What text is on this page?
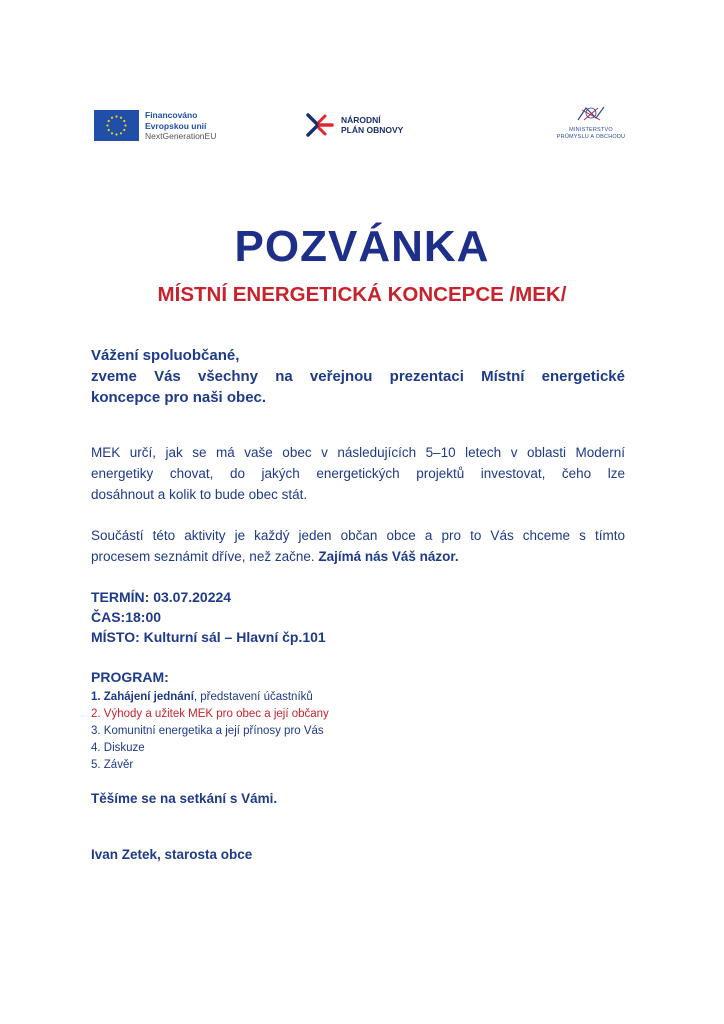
Financováno
Evropskou unií
NextGenerationEU
NÁRODNÍ
PLÁN OBNOVY	MINISTERSTVO
PRŮMYSLU A OBCHODU
POZVÁNKA
MÍSTNÍ ENERGETICKÁ KONCEPCE /MEK/
Vážení spoluobčané,
zveme Vás všechny na veřejnou prezentaci Místní energetické
koncepce pro naši obec.
MEK určí, jak se má vaše obec v následujících 5–10 letech v oblasti Moderní
energetiky chovat, do jakých energetických projektů investovat, čeho lze
dosáhnout a kolik to bude obec stát.
Součástí této aktivity je každý jeden občan obce a pro to Vás chceme s tímto
procesem seznámit dříve, než začne. Zajímá nás Váš názor.
TERMÍN: 03.07.20224
ČAS:18:00
MÍSTO: Kulturní sál – Hlavní čp.101
PROGRAM:
1. Zahájení jednání, představení účastníků
2. Výhody a užitek MEK pro obec a její občany
3. Komunitní energetika a její přínosy pro Vás
4. Diskuze
5. Závěr
Těšíme se na setkání s Vámi.
Ivan Zetek, starosta obce
